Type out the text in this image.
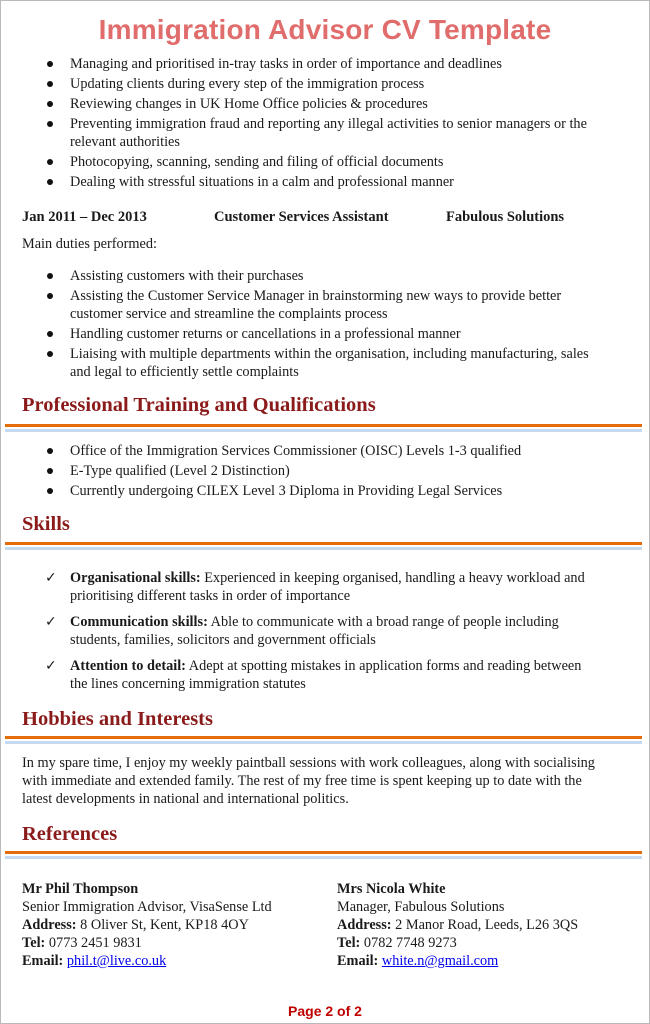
Immigration Advisor CV Template
Managing and prioritised in-tray tasks in order of importance and deadlines
Updating clients during every step of the immigration process
Reviewing changes in UK Home Office policies & procedures
Preventing immigration fraud and reporting any illegal activities to senior managers or the relevant authorities
Photocopying, scanning, sending and filing of official documents
Dealing with stressful situations in a calm and professional manner
Jan 2011 – Dec 2013	Customer Services Assistant	Fabulous Solutions
Main duties performed:
Assisting customers with their purchases
Assisting the Customer Service Manager in brainstorming new ways to provide better customer service and streamline the complaints process
Handling customer returns or cancellations in a professional manner
Liaising with multiple departments within the organisation, including manufacturing, sales and legal to efficiently settle complaints
Professional Training and Qualifications
Office of the Immigration Services Commissioner (OISC) Levels 1-3 qualified
E-Type qualified (Level 2 Distinction)
Currently undergoing CILEX Level 3 Diploma in Providing Legal Services
Skills
✓ Organisational skills: Experienced in keeping organised, handling a heavy workload and prioritising different tasks in order of importance
✓ Communication skills: Able to communicate with a broad range of people including students, families, solicitors and government officials
✓ Attention to detail: Adept at spotting mistakes in application forms and reading between the lines concerning immigration statutes
Hobbies and Interests
In my spare time, I enjoy my weekly paintball sessions with work colleagues, along with socialising with immediate and extended family. The rest of my free time is spent keeping up to date with the latest developments in national and international politics.
References
Mr Phil Thompson
Senior Immigration Advisor, VisaSense Ltd
Address: 8 Oliver St, Kent, KP18 4OY
Tel: 0773 2451 9831
Email: phil.t@live.co.uk
Mrs Nicola White
Manager, Fabulous Solutions
Address: 2 Manor Road, Leeds, L26 3QS
Tel: 0782 7748 9273
Email: white.n@gmail.com
Page 2 of 2
